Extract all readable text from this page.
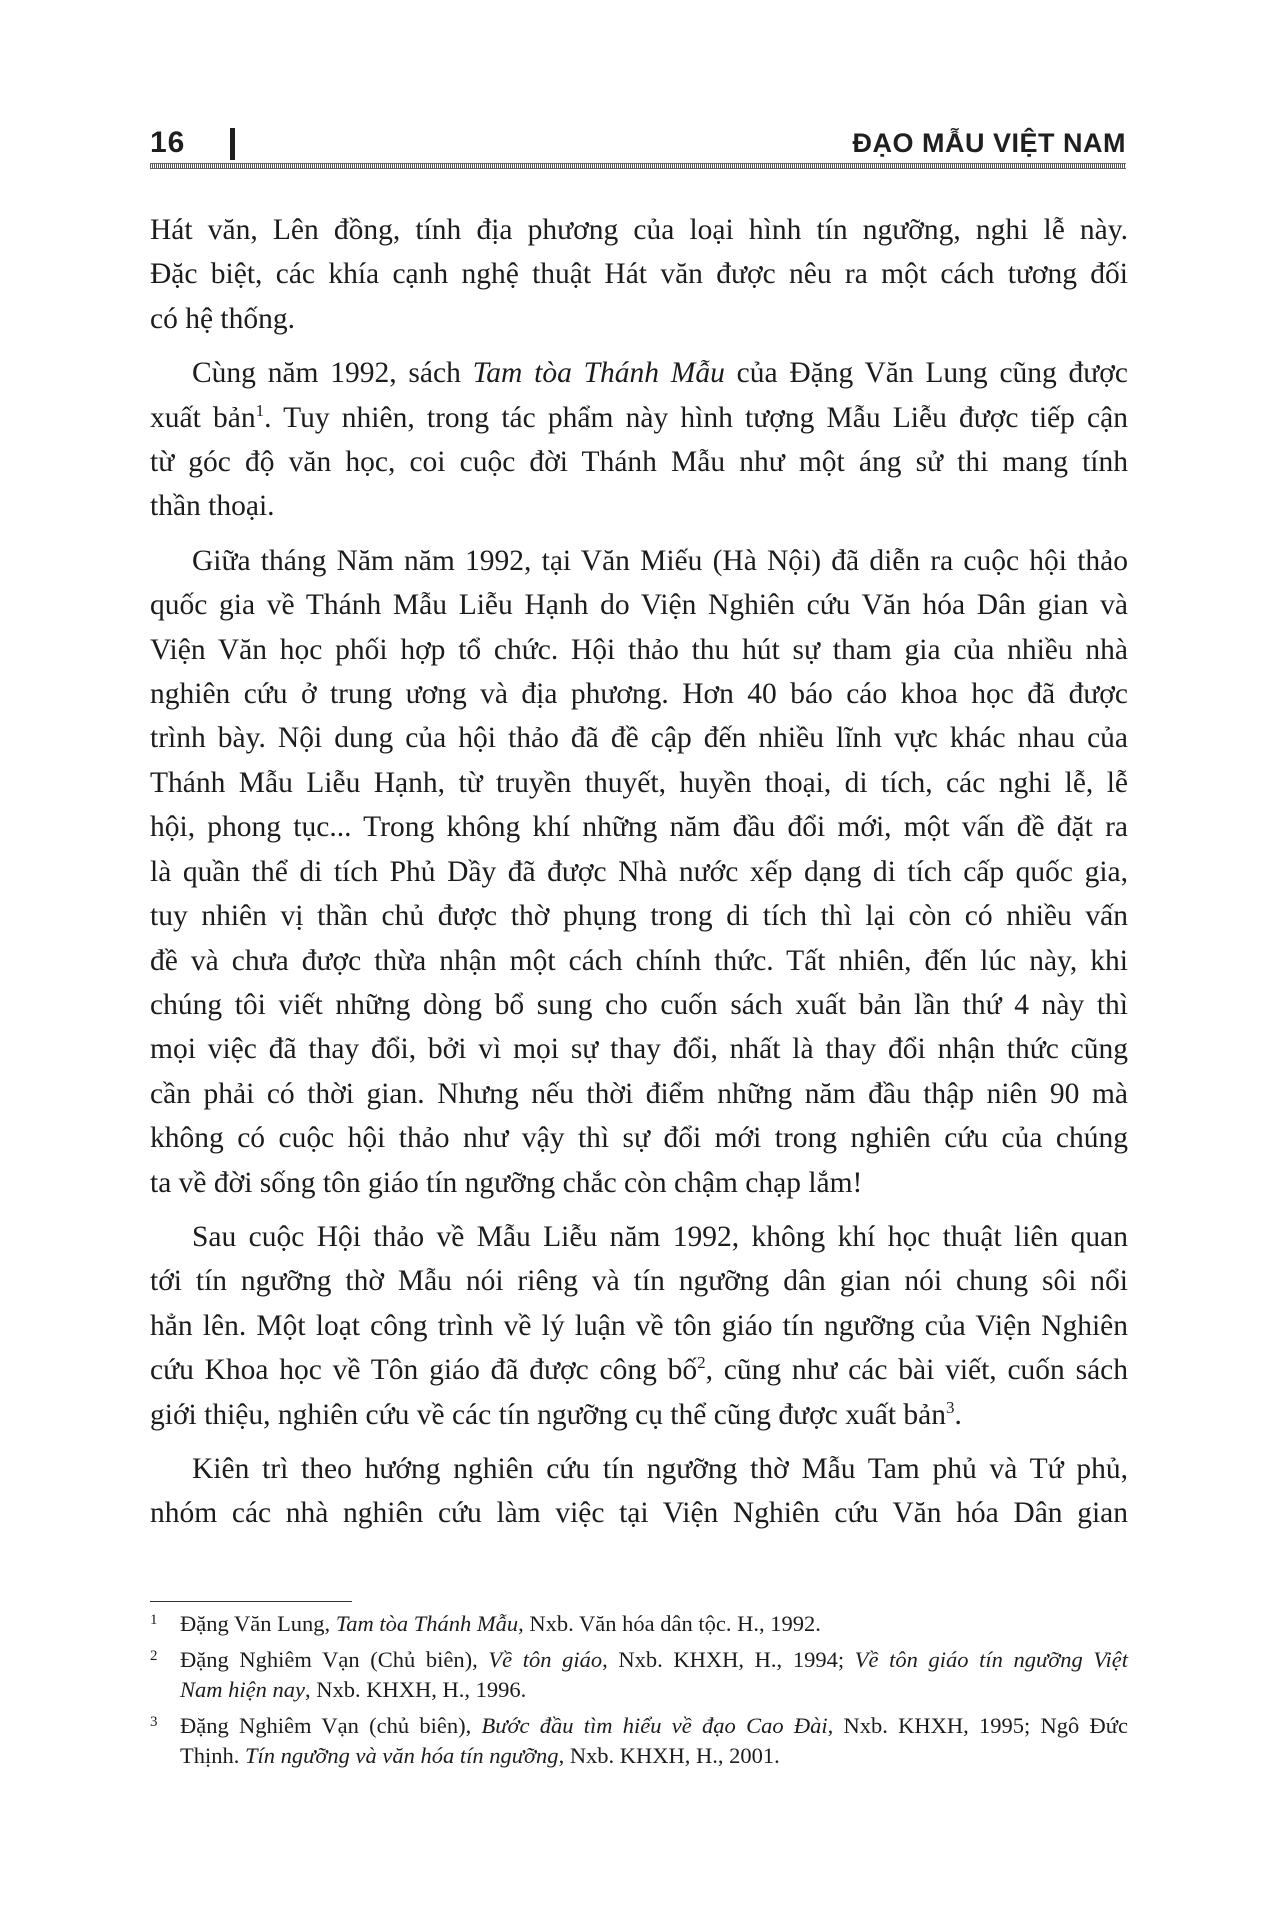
16	ĐẠO MẪU VIỆT NAM
Hát văn, Lên đồng, tính địa phương của loại hình tín ngưỡng, nghi lễ này.
Đặc biệt, các khía cạnh nghệ thuật Hát văn được nêu ra một cách tương đối
có hệ thống.
Cùng năm 1992, sách Tam tòa Thánh Mẫu của Đặng Văn Lung cũng được
xuất bản$^1$. Tuy nhiên, trong tác phẩm này hình tượng Mẫu Liễu được tiếp cận
từ góc độ văn học, coi cuộc đời Thánh Mẫu như một áng sử thi mang tính
thần thoại.
Giữa tháng Năm năm 1992, tại Văn Miếu (Hà Nội) đã diễn ra cuộc hội thảo
quốc gia về Thánh Mẫu Liễu Hạnh do Viện Nghiên cứu Văn hóa Dân gian và
Viện Văn học phối hợp tổ chức. Hội thảo thu hút sự tham gia của nhiều nhà
nghiên cứu ở trung ương và địa phương. Hơn 40 báo cáo khoa học đã được
trình bày. Nội dung của hội thảo đã đề cập đến nhiều lĩnh vực khác nhau của
Thánh Mẫu Liễu Hạnh, từ truyền thuyết, huyền thoại, di tích, các nghi lễ, lễ
hội, phong tục... Trong không khí những năm đầu đổi mới, một vấn đề đặt ra
là quần thể di tích Phủ Dầy đã được Nhà nước xếp dạng di tích cấp quốc gia,
tuy nhiên vị thần chủ được thờ phụng trong di tích thì lại còn có nhiều vấn
đề và chưa được thừa nhận một cách chính thức. Tất nhiên, đến lúc này, khi
chúng tôi viết những dòng bổ sung cho cuốn sách xuất bản lần thứ 4 này thì
mọi việc đã thay đổi, bởi vì mọi sự thay đổi, nhất là thay đổi nhận thức cũng
cần phải có thời gian. Nhưng nếu thời điểm những năm đầu thập niên 90 mà
không có cuộc hội thảo như vậy thì sự đổi mới trong nghiên cứu của chúng
ta về đời sống tôn giáo tín ngưỡng chắc còn chậm chạp lắm!
Sau cuộc Hội thảo về Mẫu Liễu năm 1992, không khí học thuật liên quan
tới tín ngưỡng thờ Mẫu nói riêng và tín ngưỡng dân gian nói chung sôi nổi
hẳn lên. Một loạt công trình về lý luận về tôn giáo tín ngưỡng của Viện Nghiên
cứu Khoa học về Tôn giáo đã được công bố$^2$, cũng như các bài viết, cuốn sách
giới thiệu, nghiên cứu về các tín ngưỡng cụ thể cũng được xuất bản$^3$.
Kiên trì theo hướng nghiên cứu tín ngưỡng thờ Mẫu Tam phủ và Tứ phủ,
nhóm các nhà nghiên cứu làm việc tại Viện Nghiên cứu Văn hóa Dân gian
1 Đặng Văn Lung, Tam tòa Thánh Mẫu, Nxb. Văn hóa dân tộc. H., 1992.
2 Đặng Nghiêm Vạn (Chủ biên), Về tôn giáo, Nxb. KHXH, H., 1994; Về tôn giáo tín ngưỡng Việt
Nam hiện nay, Nxb. KHXH, H., 1996.
3 Đặng Nghiêm Vạn (chủ biên), Bước đầu tìm hiểu về đạo Cao Đài, Nxb. KHXH, 1995; Ngô Đức
Thịnh. Tín ngưỡng và văn hóa tín ngưỡng, Nxb. KHXH, H., 2001.
